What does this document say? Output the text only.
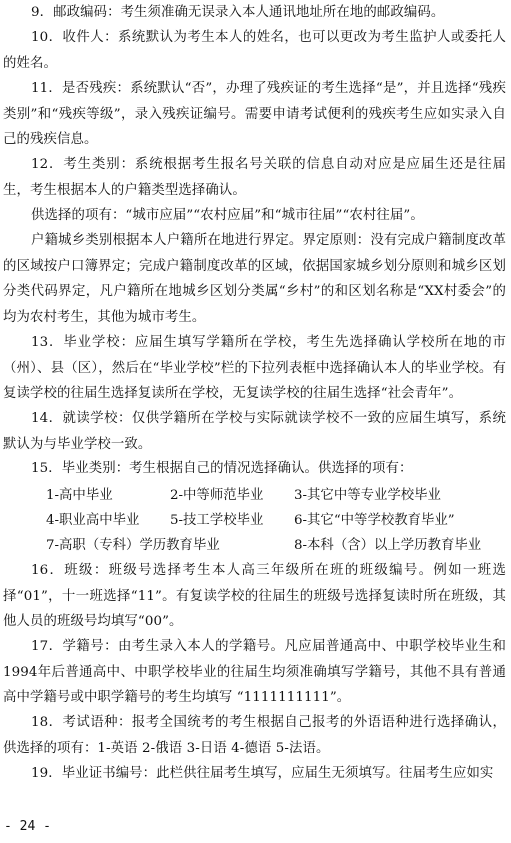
9．邮政编码：考生须准确无误录入本人通讯地址所在地的邮政编码。

10．收件人：系统默认为考生本人的姓名，也可以更改为考生监护人或委托人的姓名。

11．是否残疾：系统默认“否”，办理了残疾证的考生选择“是”，并且选择“残疾类别”和“残疾等级”，录入残疾证编号。需要申请考试便利的残疾考生应如实录入自己的残疾信息。

12．考生类别：系统根据考生报名号关联的信息自动对应是应届生还是往届生，考生根据本人的户籍类型选择确认。

供选择的项有：“城市应届”“农村应届”和“城市往届”“农村往届”。

户籍城乡类别根据本人户籍所在地进行界定。界定原则：没有完成户籍制度改革的区域按户口簿界定；完成户籍制度改革的区域，依据国家城乡划分原则和城乡区划分类代码界定，凡户籍所在地城乡区划分类属“乡村”的和区划名称是“XX村委会”的均为农村考生，其他为城市考生。

13．毕业学校：应届生填写学籍所在学校，考生先选择确认学校所在地的市（州）、县（区），然后在“毕业学校”栏的下拉列表框中选择确认本人的毕业学校。有复读学校的往届生选择复读所在学校，无复读学校的往届生选择“社会青年”。

14．就读学校：仅供学籍所在学校与实际就读学校不一致的应届生填写，系统默认为与毕业学校一致。

15．毕业类别：考生根据自己的情况选择确认。供选择的项有：

1-高中毕业	2-中等师范毕业 3-其它中等专业学校毕业
4-职业高中毕业 5-技工学校毕业 6-其它“中等学校教育毕业”
7-高职（专科）学历教育毕业	8-本科（含）以上学历教育毕业

16．班级：班级号选择考生本人高三年级所在班的班级编号。例如一班选择“01”，十一班选择“11”。有复读学校的往届生的班级号选择复读时所在班级，其他人员的班级号均填写“00”。

17．学籍号：由考生录入本人的学籍号。凡应届普通高中、中职学校毕业生和1994年后普通高中、中职学校毕业的往届生均须准确填写学籍号，其他不具有普通高中学籍号或中职学籍号的考生均填写 “1111111111”。

18．考试语种：报考全国统考的考生根据自己报考的外语语种进行选择确认，供选择的项有：1-英语 2-俄语 3-日语 4-德语 5-法语。

19．毕业证书编号：此栏供往届考生填写，应届生无须填写。往届考生应如实

- 24 -
